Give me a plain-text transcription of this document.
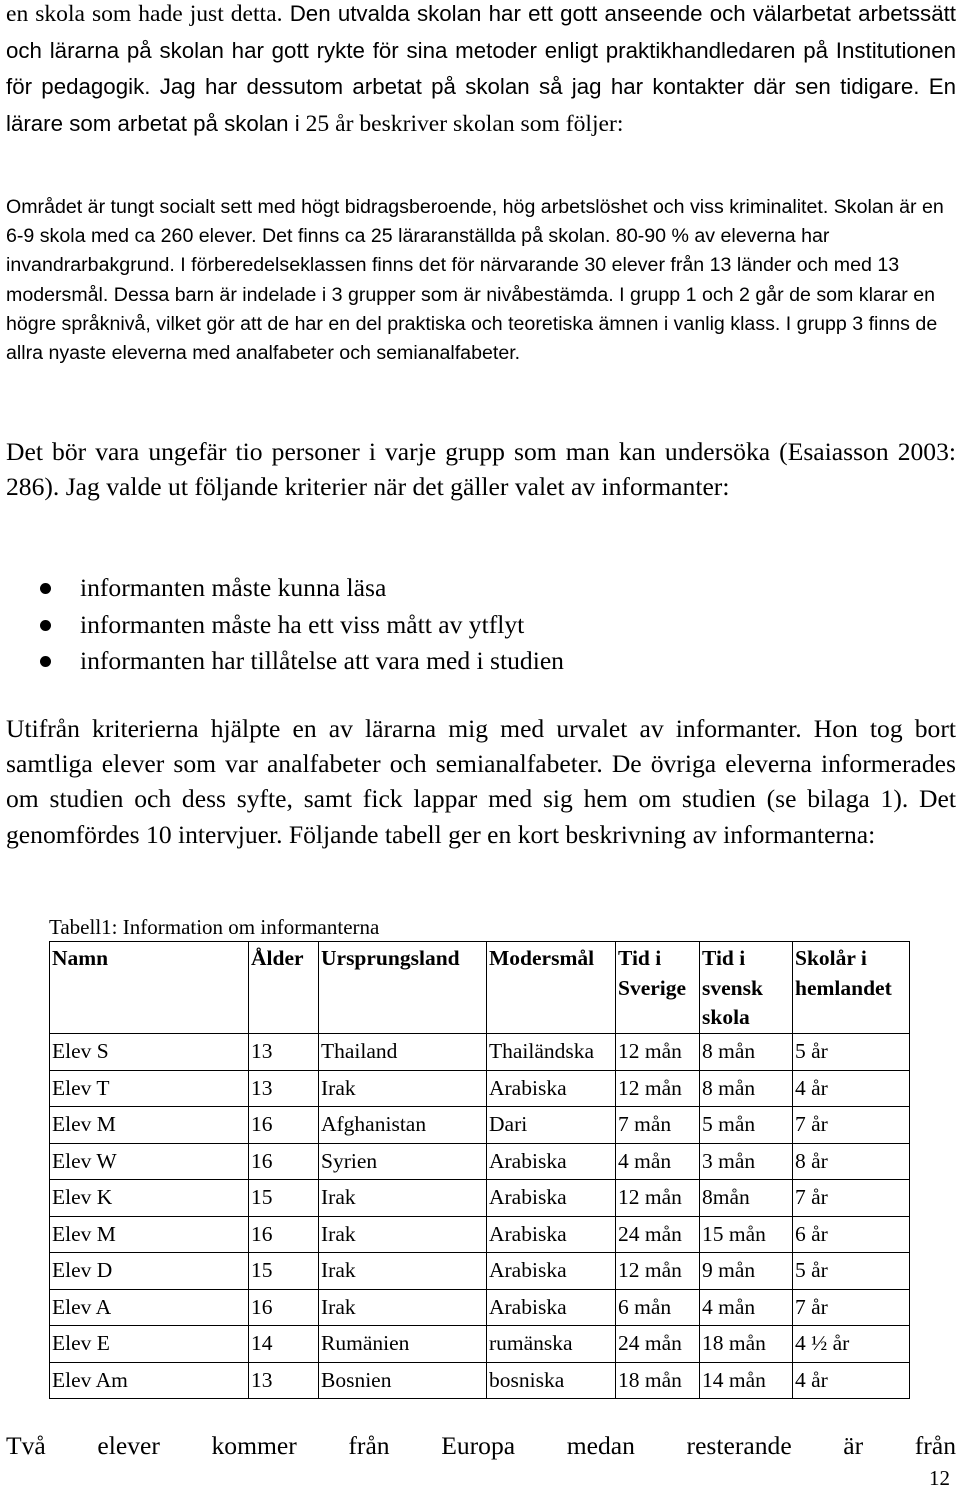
en skola som hade just detta. Den utvalda skolan har ett gott anseende och välarbetat arbetssätt och lärarna på skolan har gott rykte för sina metoder enligt praktikhandledaren på Institutionen för pedagogik. Jag har dessutom arbetat på skolan så jag har kontakter där sen tidigare. En lärare som arbetat på skolan i 25 år beskriver skolan som följer:

Området är tungt socialt sett med högt bidragsberoende, hög arbetslöshet och viss kriminalitet. Skolan är en 6-9 skola med ca 260 elever. Det finns ca 25 läraranställda på skolan. 80-90 % av eleverna har invandrarbakgrund. I förberedelseklassen finns det för närvarande 30 elever från 13 länder och med 13 modersmål. Dessa barn är indelade i 3 grupper som är nivåbestämda. I grupp 1 och 2 går de som klarar en högre språknivå, vilket gör att de har en del praktiska och teoretiska ämnen i vanlig klass. I grupp 3 finns de allra nyaste eleverna med analfabeter och semianalfabeter.

Det bör vara ungefär tio personer i varje grupp som man kan undersöka (Esaiasson 2003: 286). Jag valde ut följande kriterier när det gäller valet av informanter:

informanten måste kunna läsa
informanten måste ha ett viss mått av ytflyt
informanten har tillåtelse att vara med i studien

Utifrån kriterierna hjälpte en av lärarna mig med urvalet av informanter. Hon tog bort samtliga elever som var analfabeter och semianalfabeter. De övriga eleverna informerades om studien och dess syfte, samt fick lappar med sig hem om studien (se bilaga 1). Det genomfördes 10 intervjuer. Följande tabell ger en kort beskrivning av informanterna:

Tabell1: Information om informanterna
Namn	Ålder	Ursprungsland	Modersmål	Tid i Sverige	Tid i svensk skola	Skolår i hemlandet
Elev S	13	Thailand	Thailändska	12 mån	8 mån	5 år
Elev T	13	Irak	Arabiska	12 mån	8 mån	4 år
Elev M	16	Afghanistan	Dari	7 mån	5 mån	7 år
Elev W	16	Syrien	Arabiska	4 mån	3 mån	8 år
Elev K	15	Irak	Arabiska	12 mån	8mån	7 år
Elev M	16	Irak	Arabiska	24 mån	15 mån	6 år
Elev D	15	Irak	Arabiska	12 mån	9 mån	5 år
Elev A	16	Irak	Arabiska	6 mån	4 mån	7 år
Elev E	14	Rumänien	rumänska	24 mån	18 mån	4 ½ år
Elev Am	13	Bosnien	bosniska	18 mån	14 mån	4 år

Två elever kommer från Europa medan resterande är från

12
